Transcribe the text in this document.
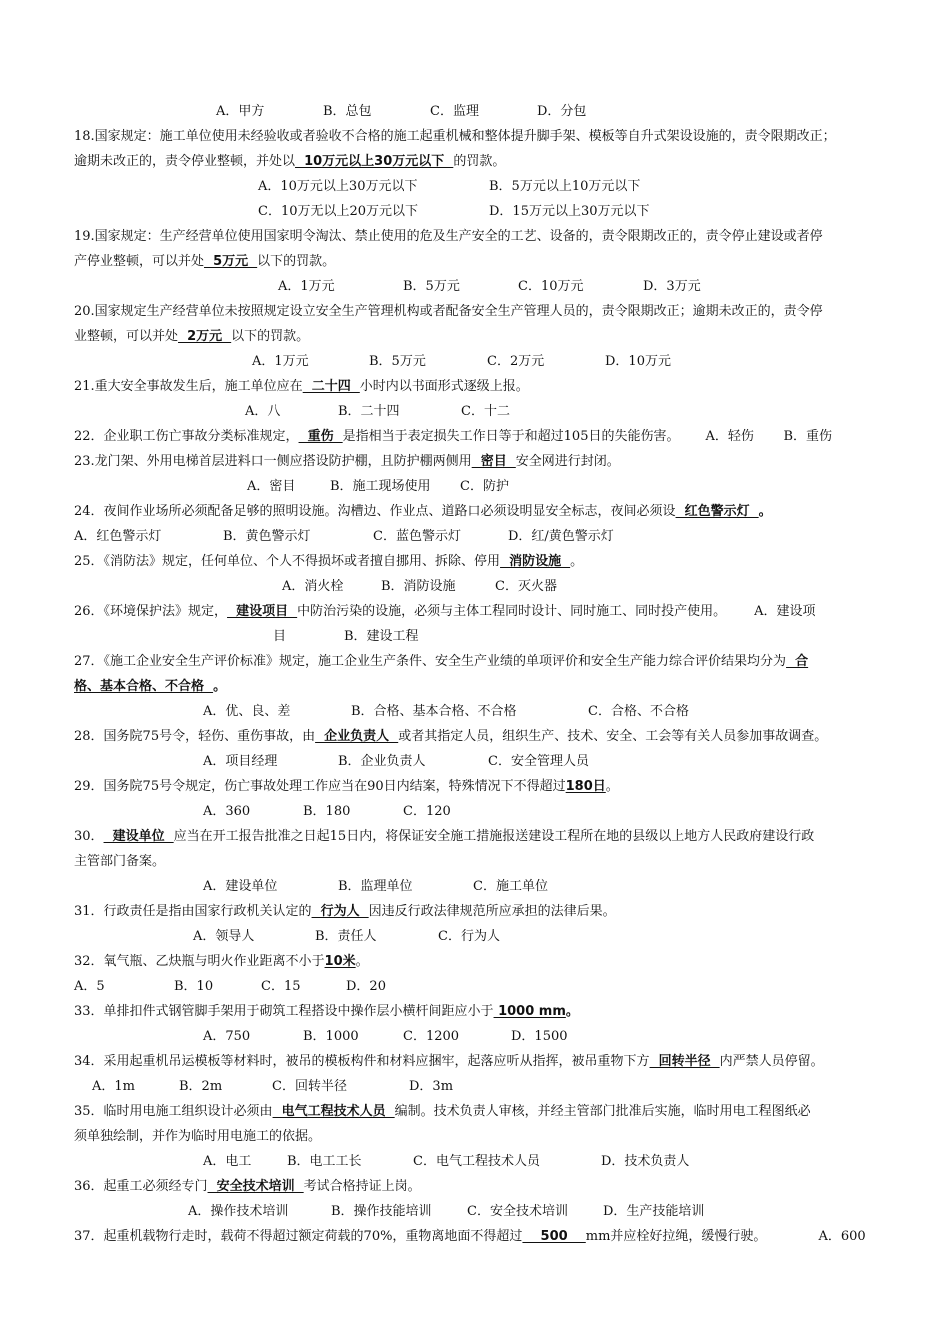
A．甲方	B．总包	C．监理	D．分包
18.国家规定：施工单位使用未经验收或者验收不合格的施工起重机械和整体提升脚手架、模板等自升式架设设施的，责令限期改正；
逾期未改正的，责令停业整顿，并处以  10万元以上30万元以下  的罚款。
A．10万元以上30万元以下	B．5万元以上10万元以下
C．10万无以上20万元以下	D．15万元以上30万元以下
19.国家规定：生产经营单位使用国家明令淘汰、禁止使用的危及生产安全的工艺、设备的，责令限期改正的，责令停止建设或者停
产停业整顿，可以并处  5万元  以下的罚款。
A．1万元	B．5万元	C．10万元	D．3万元
20.国家规定生产经营单位未按照规定设立安全生产管理机构或者配备安全生产管理人员的，责令限期改正；逾期未改正的，责令停
业整顿，可以并处  2万元  以下的罚款。
A．1万元	B．5万元	C．2万元	D．10万元
21.重大安全事故发生后，施工单位应在  二十四  小时内以书面形式逐级上报。
A．八	B．二十四	C．十二
22．企业职工伤亡事故分类标准规定，  重伤  是指相当于表定损失工作日等于和超过105日的失能伤害。 A．轻伤 B．重伤
23.龙门架、外用电梯首层进料口一侧应搭设防护棚，且防护棚两侧用  密目  安全网进行封闭。
A．密目	B．施工现场使用 C．防护
24．夜间作业场所必须配备足够的照明设施。沟槽边、作业点、道路口必须设明显安全标志，夜间必须设  红色警示灯  。
A．红色警示灯	B．黄色警示灯	C．蓝色警示灯	D．红/黄色警示灯
25．《消防法》规定，任何单位、个人不得损坏或者擅自挪用、拆除、停用  消防设施  。
A．消火栓	B．消防设施	C．灭火器
26．《环境保护法》规定，  建设项目  中防治污染的设施，必须与主体工程同时设计、同时施工、同时投产使用。 A．建设项
目	B．建设工程
27．《施工企业安全生产评价标准》规定，施工企业生产条件、安全生产业绩的单项评价和安全生产能力综合评价结果均分为  合
格、基本合格、不合格  。
A．优、良、差	B．合格、基本合格、不合格	C．合格、不合格
28．国务院75号令，轻伤、重伤事故，由  企业负责人  或者其指定人员，组织生产、技术、安全、工会等有关人员参加事故调查。
A．项目经理	B．企业负责人	C．安全管理人员
29．国务院75号令规定，伤亡事故处理工作应当在90日内结案，特殊情况下不得超过180日。
A．360	B．180	C．120
30．  建设单位  应当在开工报告批准之日起15日内，将保证安全施工措施报送建设工程所在地的县级以上地方人民政府建设行政
主管部门备案。
A．建设单位	B．监理单位	C．施工单位
31．行政责任是指由国家行政机关认定的  行为人  因违反行政法律规范所应承担的法律后果。
A．领导人	B．责任人	C．行为人
32．氧气瓶、乙炔瓶与明火作业距离不小于10米。
A．5	B．10	C．15	D．20
33．单排扣件式钢管脚手架用于砌筑工程搭设中操作层小横杆间距应小于 1000 mm。
A．750	B．1000	C．1200	D．1500
34．采用起重机吊运模板等材料时，被吊的模板构件和材料应捆牢，起落应听从指挥，被吊重物下方  回转半径  内严禁人员停留。
A．1m	B．2m	C．回转半径	D．3m
35．临时用电施工组织设计必须由  电气工程技术人员  编制。技术负责人审核，并经主管部门批准后实施，临时用电工程图纸必
须单独绘制，并作为临时用电施工的依据。
A．电工	B．电工工长	C．电气工程技术人员	D．技术负责人
36．起重工必须经专门  安全技术培训  考试合格持证上岗。
A．操作技术培训	B．操作技能培训	C．安全技术培训	D．生产技能培训
37．起重机载物行走时，载荷不得超过额定荷载的70%，重物离地面不得超过    500    mm并应栓好拉绳，缓慢行驶。	A．600
